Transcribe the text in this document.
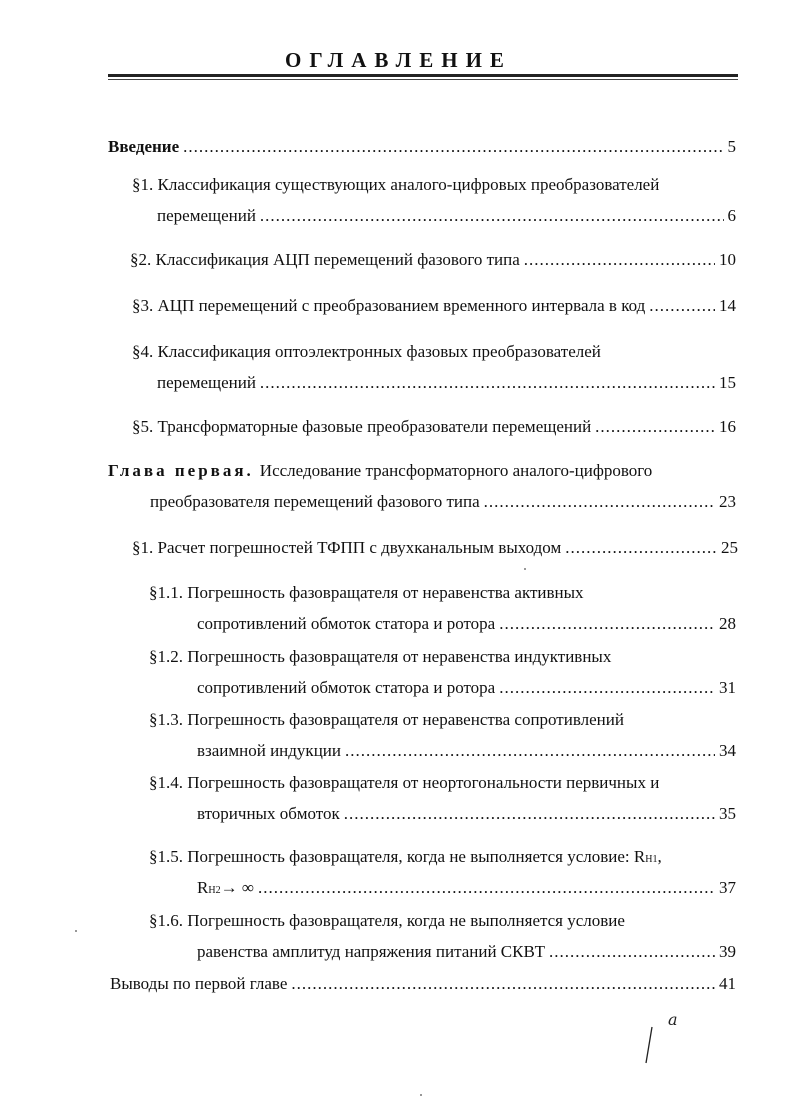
ОГЛАВЛЕНИЕ
Введение .....	5
§1. Классификация существующих аналого-цифровых преобразователей
перемещений .....	6
§2. Классификация АЦП перемещений фазового типа .....	10
§3. АЦП перемещений с преобразованием временного интервала в код .....	14
§4. Классификация оптоэлектронных фазовых преобразователей
перемещений .....	15
§5. Трансформаторные фазовые преобразователи перемещений .....	16
Глава первая. Исследование трансформаторного аналого-цифрового
преобразователя перемещений фазового типа .....	23
§1. Расчет погрешностей ТФПП с двухканальным выходом .....	25
§1.1. Погрешность фазовращателя от неравенства активных
сопротивлений обмоток статора и ротора .....	28
§1.2. Погрешность фазовращателя от неравенства индуктивных
сопротивлений обмоток статора и ротора .....	31
§1.3. Погрешность фазовращателя от неравенства сопротивлений
взаимной индукции .....	34
§1.4. Погрешность фазовращателя от неортогональности первичных и
вторичных обмоток .....	35
§1.5. Погрешность фазовращателя, когда не выполняется условие: R H1 ,
R H2 → ∞ .....	37
§1.6. Погрешность фазовращателя, когда не выполняется условие
равенства амплитуд напряжения питаний СКВТ .....	39
Выводы по первой главе .....	41
a
